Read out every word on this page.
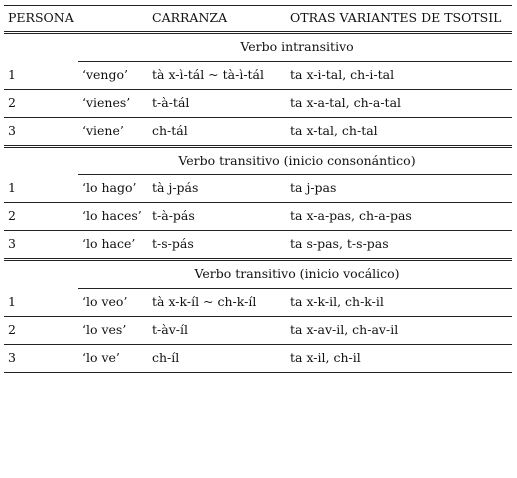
PERSONA		CARRANZA	OTRAS VARIANTES DE TSOTSIL
	Verbo intransitivo		
1	‘vengo’	tà x-ì-tál ~ tà-ì-tál	ta x-i-tal, ch-i-tal
2	‘vienes’	t-à-tál	ta x-a-tal, ch-a-tal
3	‘viene’	ch-tál	ta x-tal, ch-tal
	Verbo transitivo (inicio consonántico)		
1	‘lo hago’	tà j-pás	ta j-pas
2	‘lo haces’	t-à-pás	ta x-a-pas, ch-a-pas
3	‘lo hace’	t-s-pás	ta s-pas, t-s-pas
	Verbo transitivo (inicio vocálico)		
1	‘lo veo’	tà x-k-íl ~ ch-k-íl	ta x-k-il, ch-k-il
2	‘lo ves’	t-àv-íl	ta x-av-il, ch-av-il
3	‘lo ve’	ch-íl	ta x-il, ch-il
